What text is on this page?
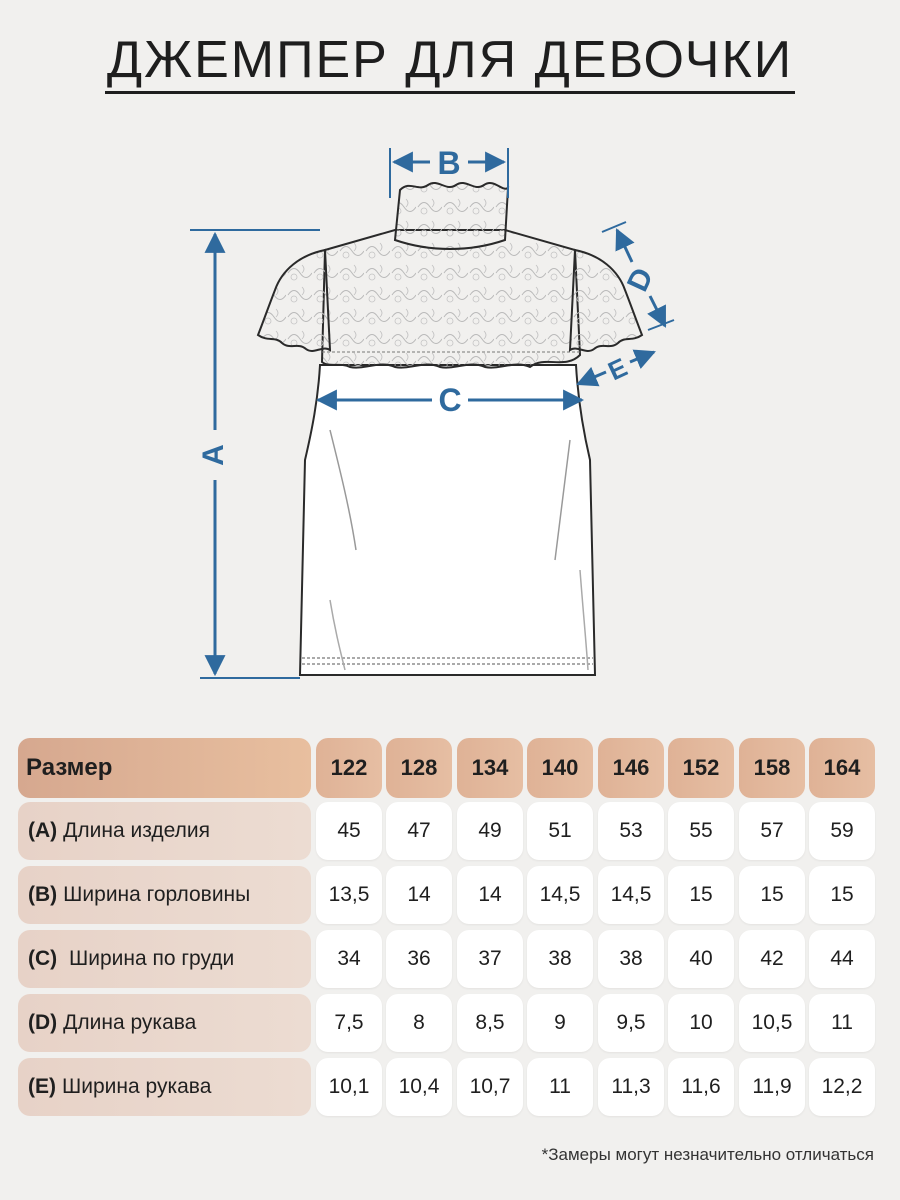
ДЖЕМПЕР ДЛЯ ДЕВОЧКИ
A
B
C
D
E
Размер	122	128	134	140	146	152	158	164
(A) Длина изделия	45	47	49	51	53	55	57	59
(B) Ширина горловины	13,5	14	14	14,5	14,5	15	15	15
(C) Ширина по груди	34	36	37	38	38	40	42	44
(D) Длина рукава	7,5	8	8,5	9	9,5	10	10,5	11
(E) Ширина рукава	10,1	10,4	10,7	11	11,3	11,6	11,9	12,2
*Замеры могут незначительно отличаться
